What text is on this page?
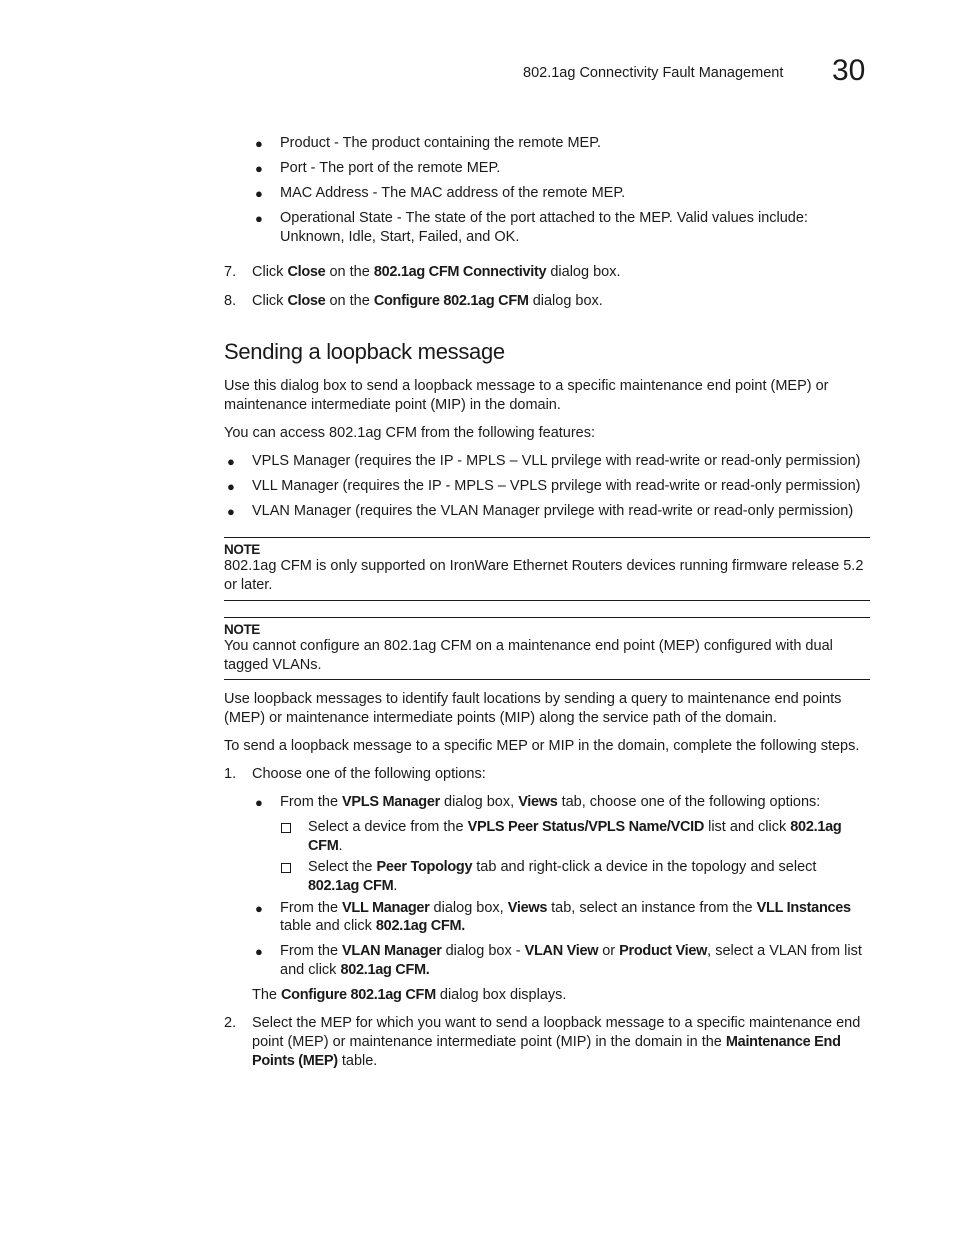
802.1ag Connectivity Fault Management 30
● Product - The product containing the remote MEP.
● Port - The port of the remote MEP.
● MAC Address - The MAC address of the remote MEP.
● Operational State - The state of the port attached to the MEP. Valid values include:
Unknown, Idle, Start, Failed, and OK.
7. Click Close on the 802.1ag CFM Connectivity dialog box.
8. Click Close on the Configure 802.1ag CFM dialog box.
Sending a loopback message
Use this dialog box to send a loopback message to a specific maintenance end point (MEP) or
maintenance intermediate point (MIP) in the domain.
You can access 802.1ag CFM from the following features:
● VPLS Manager (requires the IP - MPLS – VLL prvilege with read-write or read-only permission)
● VLL Manager (requires the IP - MPLS – VPLS prvilege with read-write or read-only permission)
● VLAN Manager (requires the VLAN Manager prvilege with read-write or read-only permission)
NOTE
802.1ag CFM is only supported on IronWare Ethernet Routers devices running firmware release 5.2
or later.
NOTE
You cannot configure an 802.1ag CFM on a maintenance end point (MEP) configured with dual
tagged VLANs.
Use loopback messages to identify fault locations by sending a query to maintenance end points
(MEP) or maintenance intermediate points (MIP) along the service path of the domain.
To send a loopback message to a specific MEP or MIP in the domain, complete the following steps.
1. Choose one of the following options:
● From the VPLS Manager dialog box, Views tab, choose one of the following options:
Select a device from the VPLS Peer Status/VPLS Name/VCID list and click 802.1ag
CFM.
Select the Peer Topology tab and right-click a device in the topology and select
802.1ag CFM.
● From the VLL Manager dialog box, Views tab, select an instance from the VLL Instances
table and click 802.1ag CFM.
● From the VLAN Manager dialog box - VLAN View or Product View, select a VLAN from list
and click 802.1ag CFM.
The Configure 802.1ag CFM dialog box displays.
2. Select the MEP for which you want to send a loopback message to a specific maintenance end
point (MEP) or maintenance intermediate point (MIP) in the domain in the Maintenance End
Points (MEP) table.
